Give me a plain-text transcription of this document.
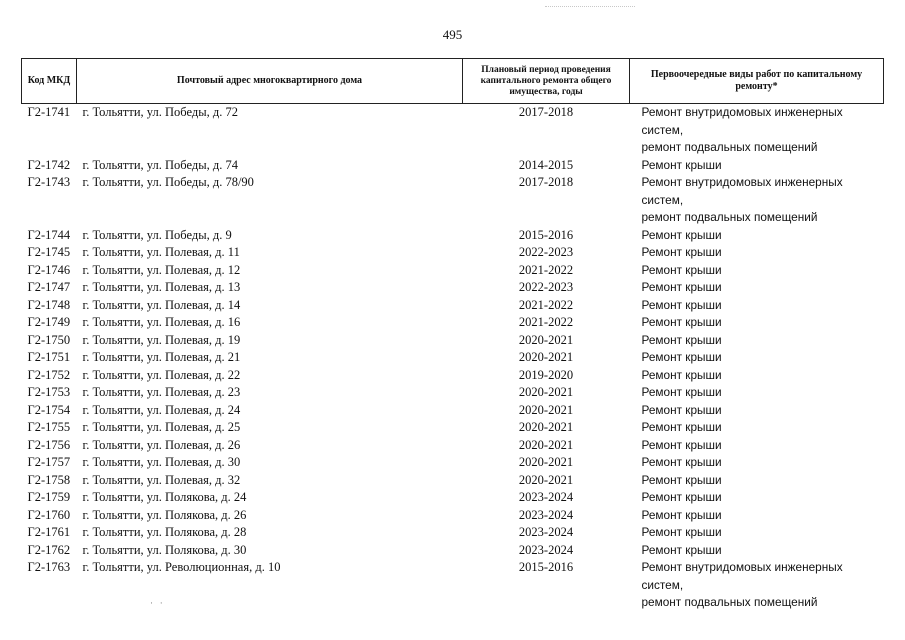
495
Код МКД	Почтовый адрес многоквартирного дома	Плановый период проведения капитального ремонта общего имущества, годы	Первоочередные виды работ по капитальному ремонту*
Г2-1741	г. Тольятти, ул. Победы, д. 72	2017-2018	Ремонт внутридомовых инженерных систем,
ремонт подвальных помещений

Г2-1742	г. Тольятти, ул. Победы, д. 74	2014-2015	Ремонт крыши

Г2-1743	г. Тольятти, ул. Победы, д. 78/90	2017-2018	Ремонт внутридомовых инженерных систем,
ремонт подвальных помещений

Г2-1744	г. Тольятти, ул. Победы, д. 9	2015-2016	Ремонт крыши

Г2-1745	г. Тольятти, ул. Полевая, д. 11	2022-2023	Ремонт крыши

Г2-1746	г. Тольятти, ул. Полевая, д. 12	2021-2022	Ремонт крыши

Г2-1747	г. Тольятти, ул. Полевая, д. 13	2022-2023	Ремонт крыши

Г2-1748	г. Тольятти, ул. Полевая, д. 14	2021-2022	Ремонт крыши

Г2-1749	г. Тольятти, ул. Полевая, д. 16	2021-2022	Ремонт крыши

Г2-1750	г. Тольятти, ул. Полевая, д. 19	2020-2021	Ремонт крыши

Г2-1751	г. Тольятти, ул. Полевая, д. 21	2020-2021	Ремонт крыши

Г2-1752	г. Тольятти, ул. Полевая, д. 22	2019-2020	Ремонт крыши

Г2-1753	г. Тольятти, ул. Полевая, д. 23	2020-2021	Ремонт крыши

Г2-1754	г. Тольятти, ул. Полевая, д. 24	2020-2021	Ремонт крыши

Г2-1755	г. Тольятти, ул. Полевая, д. 25	2020-2021	Ремонт крыши

Г2-1756	г. Тольятти, ул. Полевая, д. 26	2020-2021	Ремонт крыши

Г2-1757	г. Тольятти, ул. Полевая, д. 30	2020-2021	Ремонт крыши

Г2-1758	г. Тольятти, ул. Полевая, д. 32	2020-2021	Ремонт крыши

Г2-1759	г. Тольятти, ул. Полякова, д. 24	2023-2024	Ремонт крыши

Г2-1760	г. Тольятти, ул. Полякова, д. 26	2023-2024	Ремонт крыши

Г2-1761	г. Тольятти, ул. Полякова, д. 28	2023-2024	Ремонт крыши

Г2-1762	г. Тольятти, ул. Полякова, д. 30	2023-2024	Ремонт крыши

Г2-1763	г. Тольятти, ул. Революционная, д. 10	2015-2016	Ремонт внутридомовых инженерных систем,
ремонт подвальных помещений
·   ·
